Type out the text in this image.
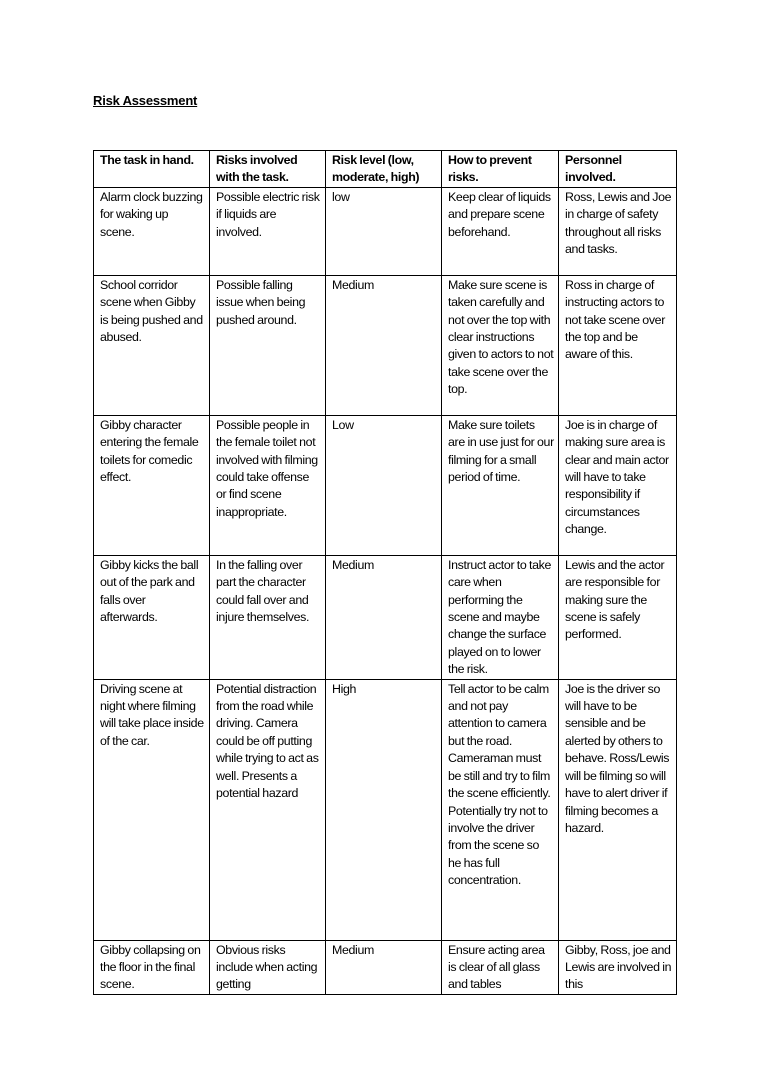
Risk Assessment
The task in hand.	Risks involved with the task.	Risk level (low, moderate, high)	How to prevent risks.	Personnel involved.
Alarm clock buzzing for waking up scene.	Possible electric risk if liquids are involved.	low	Keep clear of liquids and prepare scene beforehand.	Ross, Lewis and Joe in charge of safety throughout all risks and tasks.
School corridor scene when Gibby is being pushed and abused.	Possible falling issue when being pushed around.	Medium	Make sure scene is taken carefully and not over the top with clear instructions given to actors to not take scene over the top.	Ross in charge of instructing actors to not take scene over the top and be aware of this.
Gibby character entering the female toilets for comedic effect.	Possible people in the female toilet not involved with filming could take offense or find scene inappropriate.	Low	Make sure toilets are in use just for our filming for a small period of time.	Joe is in charge of making sure area is clear and main actor will have to take responsibility if circumstances change.
Gibby kicks the ball out of the park and falls over afterwards.	In the falling over part the character could fall over and injure themselves.	Medium	Instruct actor to take care when performing the scene and maybe change the surface played on to lower the risk.	Lewis and the actor are responsible for making sure the scene is safely performed.
Driving scene at night where filming will take place inside of the car.	Potential distraction from the road while driving. Camera could be off putting while trying to act as well. Presents a potential hazard	High	Tell actor to be calm and not pay attention to camera but the road. Cameraman must be still and try to film the scene efficiently. Potentially try not to involve the driver from the scene so he has full concentration.	Joe is the driver so will have to be sensible and be alerted by others to behave. Ross/Lewis will be filming so will have to alert driver if filming becomes a hazard.
Gibby collapsing on the floor in the final scene.	Obvious risks include when acting getting	Medium	Ensure acting area is clear of all glass and tables	Gibby, Ross, joe and Lewis are involved in this
